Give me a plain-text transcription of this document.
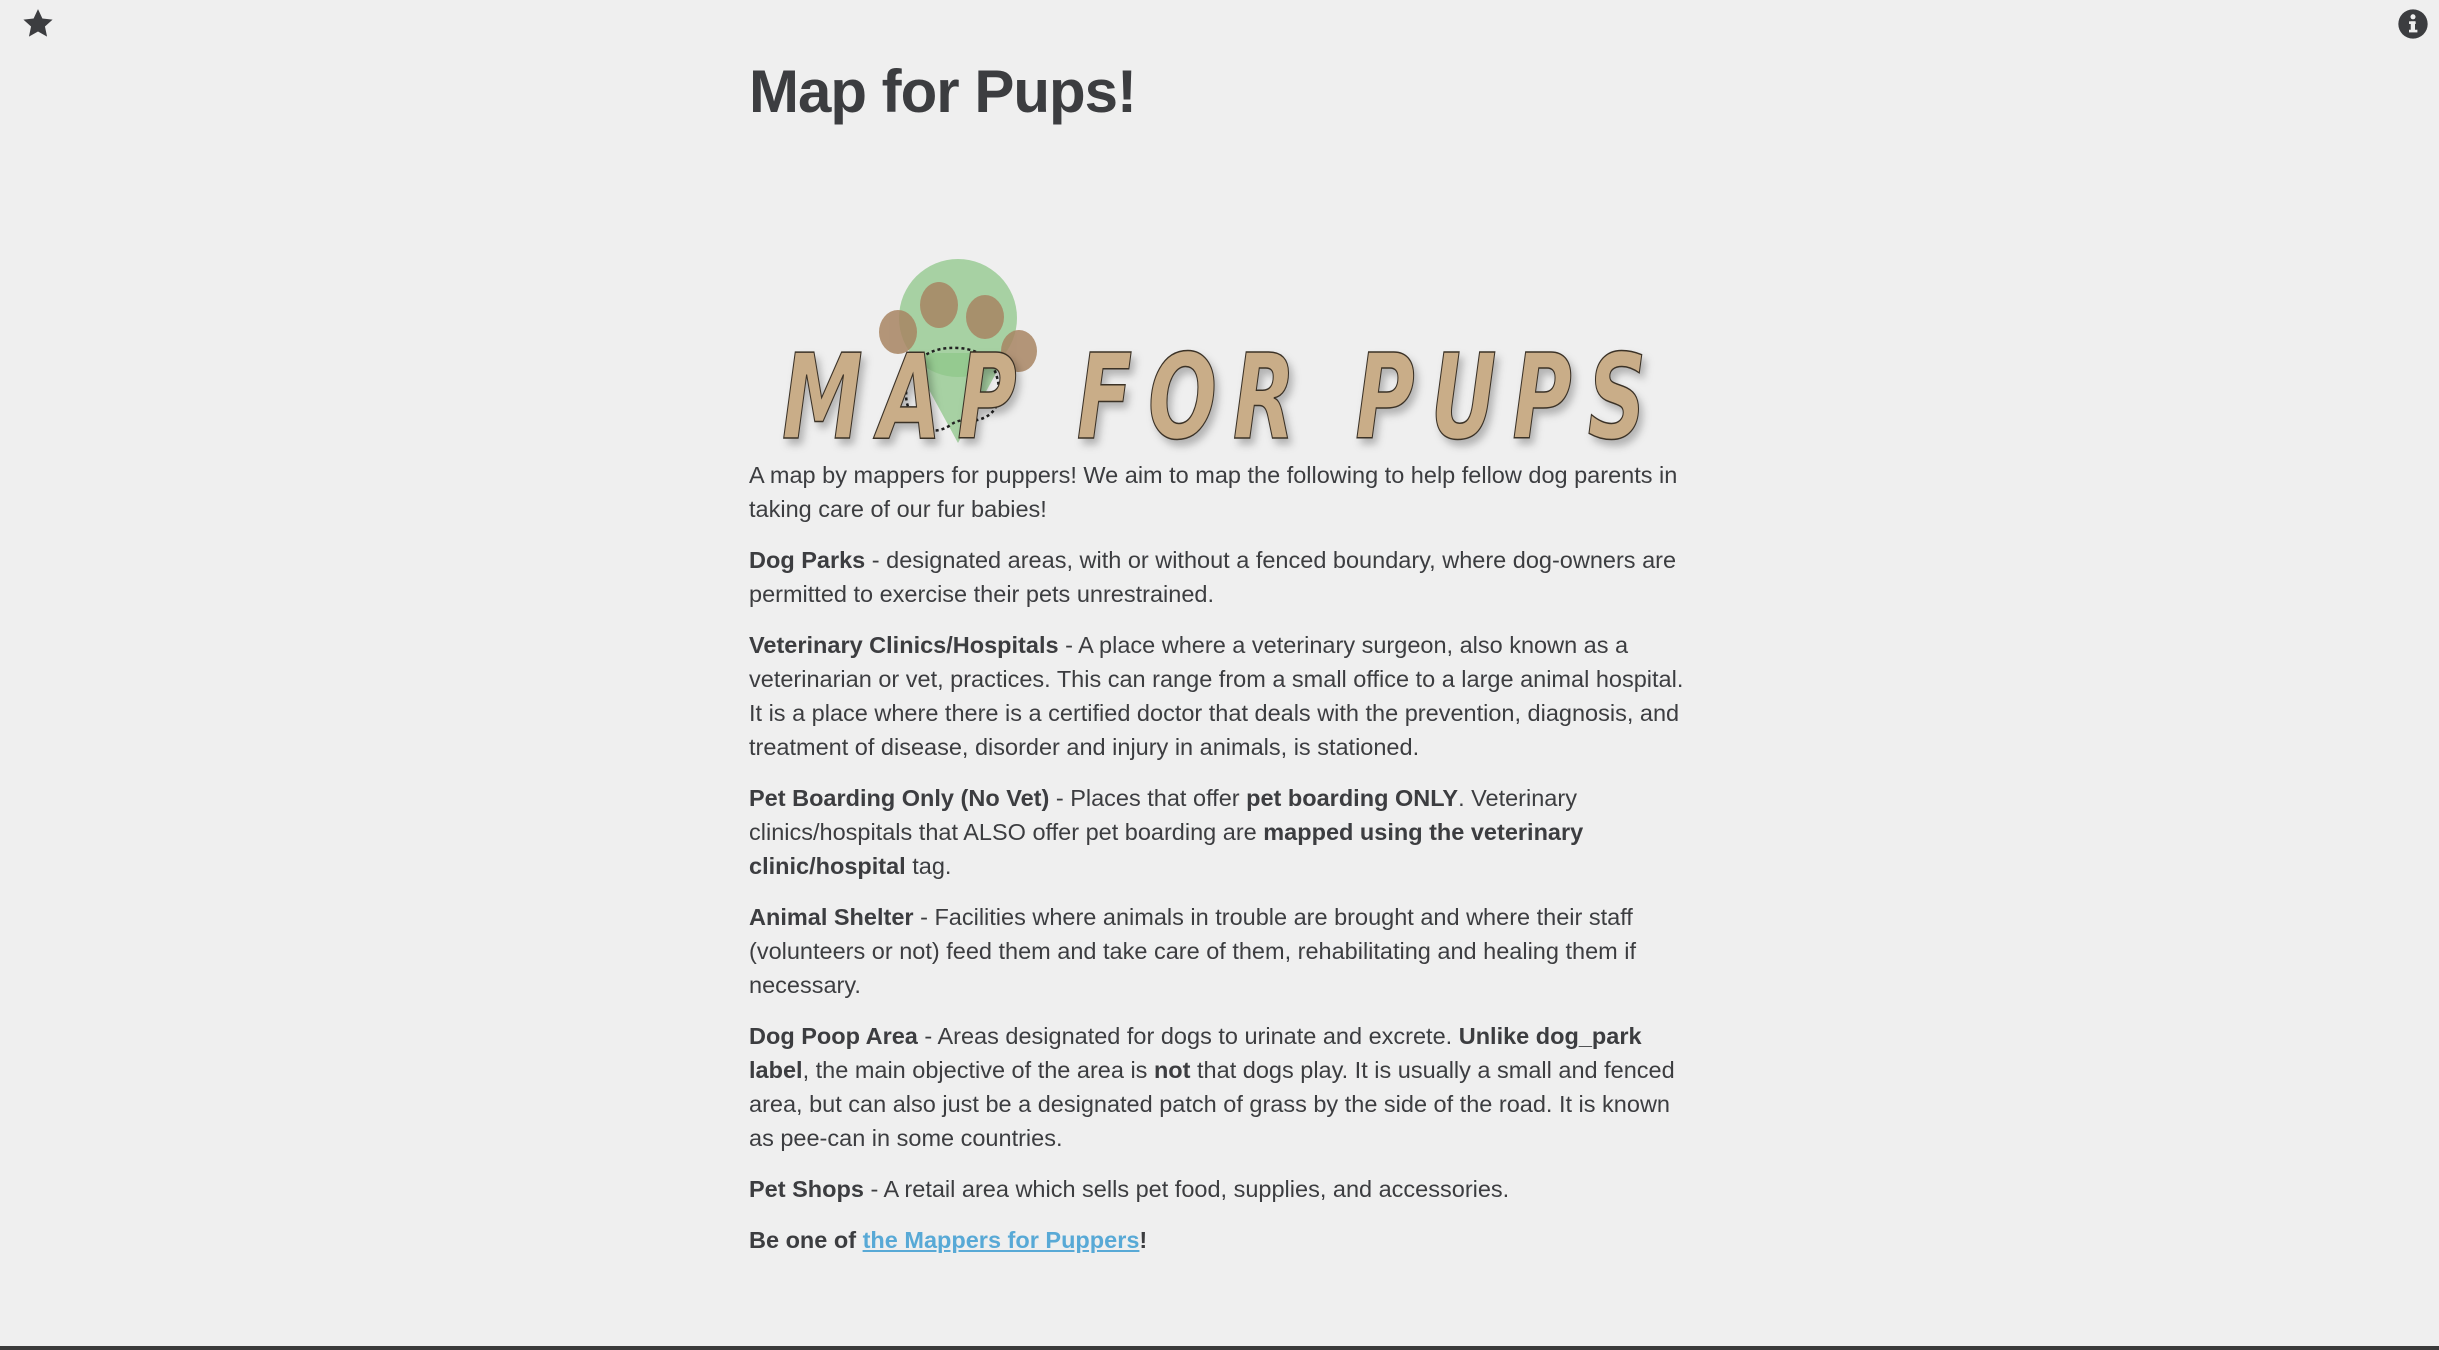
Map for Pups!
MAP FOR PUPS

A map by mappers for puppers! We aim to map the following to help fellow dog parents in taking care of our fur babies!

Dog Parks - designated areas, with or without a fenced boundary, where dog-owners are permitted to exercise their pets unrestrained.

Veterinary Clinics/Hospitals - A place where a veterinary surgeon, also known as a veterinarian or vet, practices. This can range from a small office to a large animal hospital. It is a place where there is a certified doctor that deals with the prevention, diagnosis, and treatment of disease, disorder and injury in animals, is stationed.

Pet Boarding Only (No Vet) - Places that offer pet boarding ONLY. Veterinary clinics/hospitals that ALSO offer pet boarding are mapped using the veterinary clinic/hospital tag.

Animal Shelter - Facilities where animals in trouble are brought and where their staff (volunteers or not) feed them and take care of them, rehabilitating and healing them if necessary.

Dog Poop Area - Areas designated for dogs to urinate and excrete. Unlike dog_park label, the main objective of the area is not that dogs play. It is usually a small and fenced area, but can also just be a designated patch of grass by the side of the road. It is known as pee-can in some countries.

Pet Shops - A retail area which sells pet food, supplies, and accessories.

Be one of the Mappers for Puppers!
